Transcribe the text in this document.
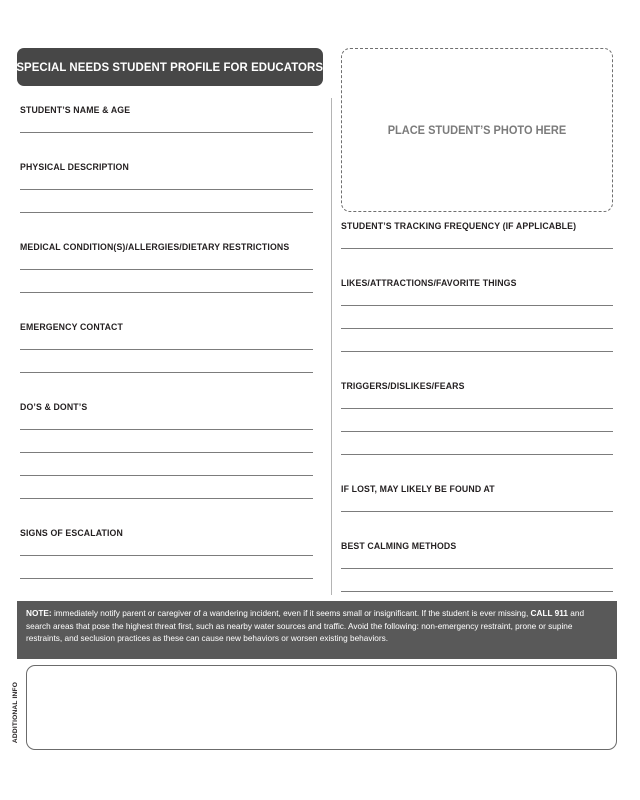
SPECIAL NEEDS STUDENT PROFILE FOR EDUCATORS
PLACE STUDENT’S PHOTO HERE
STUDENT’S NAME & AGE
PHYSICAL DESCRIPTION
MEDICAL CONDITION(S)/ALLERGIES/DIETARY RESTRICTIONS
EMERGENCY CONTACT
DO’S & DONT’S
SIGNS OF ESCALATION
STUDENT’S TRACKING FREQUENCY (IF APPLICABLE)
LIKES/ATTRACTIONS/FAVORITE THINGS
TRIGGERS/DISLIKES/FEARS
IF LOST, MAY LIKELY BE FOUND AT
BEST CALMING METHODS
NOTE: immediately notify parent or caregiver of a wandering incident, even if it seems small or insignificant. If the student is ever missing, CALL 911 and search areas that pose the highest threat first, such as nearby water sources and traffic. Avoid the following: non-emergency restraint, prone or supine restraints, and seclusion practices as these can cause new behaviors or worsen existing behaviors.
ADDITIONAL INFO
